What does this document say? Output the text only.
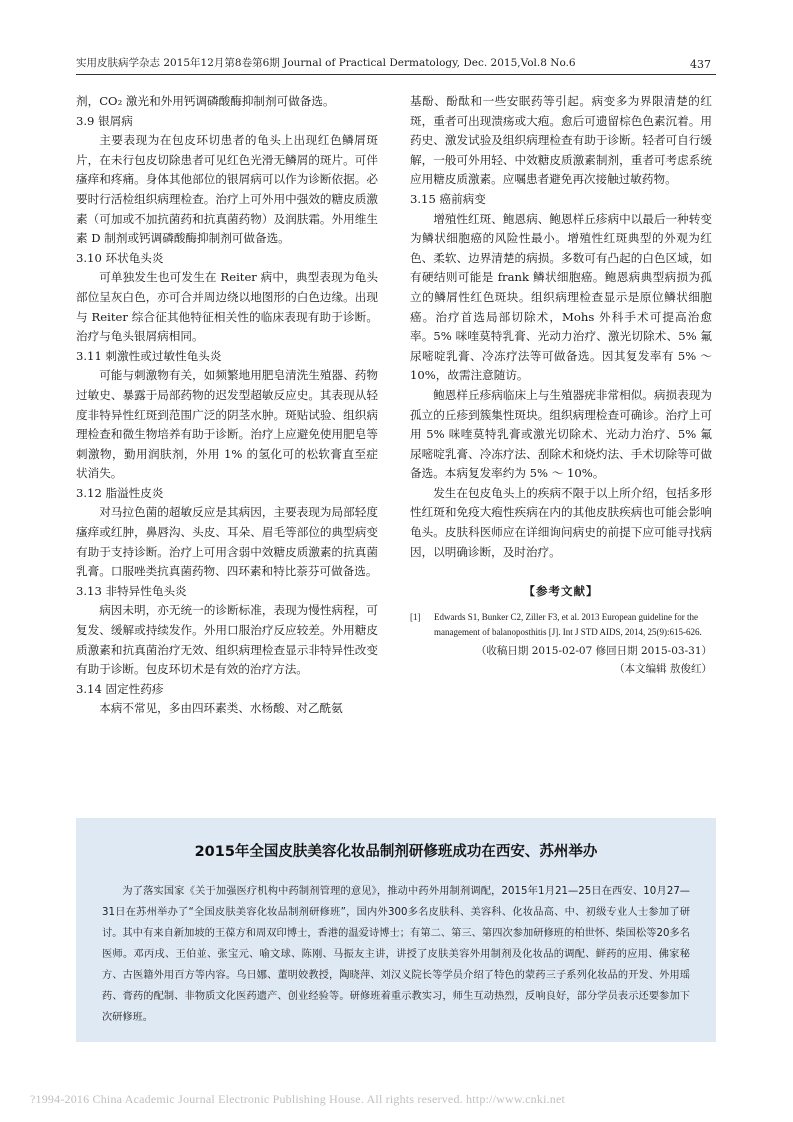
实用皮肤病学杂志 2015年12月第8卷第6期 Journal of Practical Dermatology, Dec. 2015,Vol.8 No.6	437

剂，CO₂ 激光和外用钙调磷酸酶抑制剂可做备选。

3.9 银屑病

主要表现为在包皮环切患者的龟头上出现红色鳞屑斑片，在未行包皮切除患者可见红色光滑无鳞屑的斑片。可伴瘙痒和疼痛。身体其他部位的银屑病可以作为诊断依据。必要时行活检组织病理检查。治疗上可外用中强效的糖皮质激素（可加或不加抗菌药和抗真菌药物）及润肤霜。外用维生素 D 制剂或钙调磷酸酶抑制剂可做备选。

3.10 环状龟头炎

可单独发生也可发生在 Reiter 病中，典型表现为龟头部位呈灰白色，亦可合并周边绕以地图形的白色边缘。出现与 Reiter 综合征其他特征相关性的临床表现有助于诊断。治疗与龟头银屑病相同。

3.11 刺激性或过敏性龟头炎

可能与刺激物有关，如频繁地用肥皂清洗生殖器、药物过敏史、暴露于局部药物的迟发型超敏反应史。其表现从轻度非特异性红斑到范围广泛的阴茎水肿。斑贴试验、组织病理检查和微生物培养有助于诊断。治疗上应避免使用肥皂等刺激物，勤用润肤剂，外用 1% 的氢化可的松软膏直至症状消失。

3.12 脂溢性皮炎

对马拉色菌的超敏反应是其病因，主要表现为局部轻度瘙痒或红肿，鼻唇沟、头皮、耳朵、眉毛等部位的典型病变有助于支持诊断。治疗上可用含弱中效糖皮质激素的抗真菌乳膏。口服唑类抗真菌药物、四环素和特比萘芬可做备选。

3.13 非特异性龟头炎

病因未明，亦无统一的诊断标准，表现为慢性病程，可复发、缓解或持续发作。外用口服治疗反应较差。外用糖皮质激素和抗真菌治疗无效、组织病理检查显示非特异性改变有助于诊断。包皮环切术是有效的治疗方法。

3.14 固定性药疹

本病不常见，多由四环素类、水杨酸、对乙酰氨

基酚、酚酞和一些安眠药等引起。病变多为界限清楚的红斑，重者可出现溃疡或大疱。愈后可遗留棕色色素沉着。用药史、激发试验及组织病理检查有助于诊断。轻者可自行缓解，一般可外用轻、中效糖皮质激素制剂，重者可考虑系统应用糖皮质激素。应嘱患者避免再次接触过敏药物。

3.15 癌前病变

增殖性红斑、鲍恩病、鲍恩样丘疹病中以最后一种转变为鳞状细胞癌的风险性最小。增殖性红斑典型的外观为红色、柔软、边界清楚的病损。多数可有凸起的白色区域，如有硬结则可能是 frank 鳞状细胞癌。鲍恩病典型病损为孤立的鳞屑性红色斑块。组织病理检查显示是原位鳞状细胞癌。治疗首选局部切除术，Mohs 外科手术可提高治愈率。5% 咪喹莫特乳膏、光动力治疗、激光切除术、5% 氟尿嘧啶乳膏、冷冻疗法等可做备选。因其复发率有 5% ～ 10%，故需注意随访。

鲍恩样丘疹病临床上与生殖器疣非常相似。病损表现为孤立的丘疹到簇集性斑块。组织病理检查可确诊。治疗上可用 5% 咪喹莫特乳膏或激光切除术、光动力治疗、5% 氟尿嘧啶乳膏、冷冻疗法、刮除术和烧灼法、手术切除等可做备选。本病复发率约为 5% ～ 10%。

发生在包皮龟头上的疾病不限于以上所介绍，包括多形性红斑和免疫大疱性疾病在内的其他皮肤疾病也可能会影响龟头。皮肤科医师应在详细询问病史的前提下应可能寻找病因，以明确诊断，及时治疗。

【参考文献】
[1]	Edwards S1, Bunker C2, Ziller F3, et al. 2013 European guideline for the management of balanoposthitis [J]. Int J STD AIDS, 2014, 25(9):615-626.
（收稿日期 2015-02-07 修回日期 2015-03-31）
（本文编辑 敖俊红）
2015年全国皮肤美容化妆品制剂研修班成功在西安、苏州举办

为了落实国家《关于加强医疗机构中药制剂管理的意见》，推动中药外用制剂调配，2015年1月21—25日在西安、10月27—31日在苏州举办了“全国皮肤美容化妆品制剂研修班”，国内外300多名皮肤科、美容科、化妆品高、中、初级专业人士参加了研讨。其中有来自新加坡的王葆方和周双印博士，香港的温爱诗博士；有第二、第三、第四次参加研修班的柏世怀、柴国松等20多名医师。邓丙戌、王伯並、张宝元、喻文球、陈刚、马振友主讲，讲授了皮肤美容外用制剂及化妆品的调配、鲜药的应用、佛家秘方、古医籍外用百方等内容。乌日娜、董明姣教授，陶晓萍、刘汉义院长等学员介绍了特色的蒙药三子系列化妆品的开发、外用瑶药、膏药的配制、非物质文化医药遗产、创业经验等。研修班着重示教实习，师生互动热烈，反响良好，部分学员表示还要参加下次研修班。

?1994-2016 China Academic Journal Electronic Publishing House. All rights reserved. http://www.cnki.net
